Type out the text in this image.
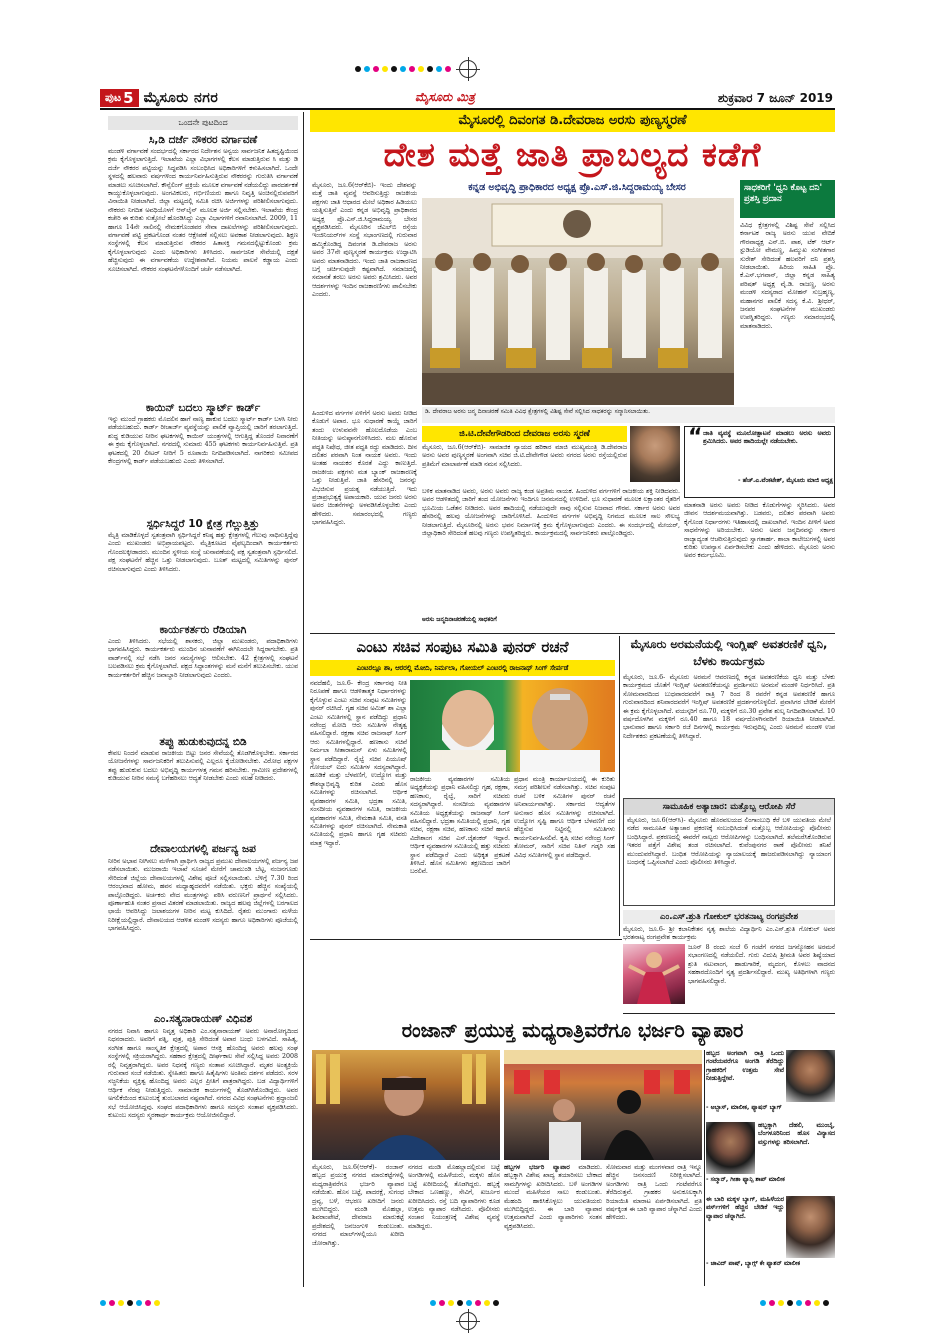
ಪುಟ 5 ಮೈಸೂರು ನಗರ	ಮೈಸೂರು ಮಿತ್ರ	ಶುಕ್ರವಾರ 7 ಜೂನ್ 2019
ಒಂದನೇ ಪುಟದಿಂದ
ಸಿ,ಡಿ ದರ್ಜೆ ನೌಕರರ ವರ್ಗಾವಣೆ
ಮಂಡಳಿ ವರ್ಗಾವಣೆ ಸಂದರ್ಭದಲ್ಲಿ ಸರ್ಕಾರದ ನಿರ್ದೇಶನ ಅನ್ವಯ ಸಾರ್ವಜನಿಕ ಹಿತದೃಷ್ಟಿಯಿಂದ ಕ್ರಮ ಕೈಗೊಳ್ಳಲಾಗುತ್ತಿದೆ. ಇಲಾಖೆಯ ಎಲ್ಲಾ ವಿಭಾಗಗಳಲ್ಲಿ ಕೆಲಸ ಮಾಡುತ್ತಿರುವ ಸಿ ಮತ್ತು ಡಿ ದರ್ಜೆ ನೌಕರರ ಪಟ್ಟಿಯನ್ನು ಸಿದ್ಧಪಡಿಸಿ ಸಂಬಂಧಿಸಿದ ಅಧಿಕಾರಿಗಳಿಗೆ ಕಳುಹಿಸಲಾಗಿದೆ. ಒಂದೇ ಸ್ಥಳದಲ್ಲಿ ಹಲವಾರು ವರ್ಷಗಳಿಂದ ಕಾರ್ಯನಿರ್ವಹಿಸುತ್ತಿರುವ ನೌಕರರನ್ನು ಗುರುತಿಸಿ ವರ್ಗಾವಣೆ ಮಾಡಲು ಸೂಚಿಸಲಾಗಿದೆ. ಕೌನ್ಸೆಲಿಂಗ್ ಪ್ರಕ್ರಿಯೆ ಮೂಲಕ ವರ್ಗಾವಣೆ ನಡೆಯಲಿದ್ದು ಪಾರದರ್ಶಕತೆ ಕಾಯ್ದುಕೊಳ್ಳಲಾಗುವುದು. ಅಂಗವಿಕಲರು, ಗರ್ಭಿಣಿಯರು ಹಾಗೂ ನಿವೃತ್ತಿ ಅಂಚಿನಲ್ಲಿರುವವರಿಗೆ ವಿನಾಯಿತಿ ನೀಡಲಾಗಿದೆ. ಜಿಲ್ಲಾ ಮಟ್ಟದಲ್ಲಿ ಸಮಿತಿ ರಚಿಸಿ ಅರ್ಜಿಗಳನ್ನು ಪರಿಶೀಲಿಸಲಾಗುವುದು. ನೌಕರರು ನಿಗದಿತ ಅವಧಿಯೊಳಗೆ ಆನ್‌ಲೈನ್ ಮೂಲಕ ಅರ್ಜಿ ಸಲ್ಲಿಸಬೇಕು. ಇಲಾಖೆಯ ಕೇಂದ್ರ ಕಚೇರಿ ಈ ಕುರಿತು ಸುತ್ತೋಲೆ ಹೊರಡಿಸಿದ್ದು ಎಲ್ಲಾ ವಿಭಾಗಗಳಿಗೆ ರವಾನಿಸಲಾಗಿದೆ. 2009, 11 ಹಾಗೂ 14ನೇ ಸಾಲಿನಲ್ಲಿ ನೇಮಕಗೊಂಡವರ ಸೇವಾ ದಾಖಲೆಗಳನ್ನು ಪರಿಶೀಲಿಸಲಾಗುವುದು. ವರ್ಗಾವಣೆ ಪಟ್ಟಿ ಪ್ರಕಟಗೊಂಡ ನಂತರ ಆಕ್ಷೇಪಣೆ ಸಲ್ಲಿಸಲು ಅವಕಾಶ ನೀಡಲಾಗುವುದು. ಶಿಕ್ಷಣ ಸಂಸ್ಥೆಗಳಲ್ಲಿ ಕೆಲಸ ಮಾಡುತ್ತಿರುವ ನೌಕರರ ಹಿತಾಸಕ್ತಿ ಗಮನದಲ್ಲಿಟ್ಟುಕೊಂಡು ಕ್ರಮ ಕೈಗೊಳ್ಳಲಾಗುವುದು ಎಂದು ಅಧಿಕಾರಿಗಳು ತಿಳಿಸಿದರು. ಸಾರ್ವಜನಿಕ ಸೇವೆಯಲ್ಲಿ ದಕ್ಷತೆ ಹೆಚ್ಚಿಸುವುದು ಈ ವರ್ಗಾವಣೆಯ ಉದ್ದೇಶವಾಗಿದೆ. ನಿಯಮ ಪಾಲನೆ ಕಡ್ಡಾಯ ಎಂದು ಸೂಚಿಸಲಾಗಿದೆ. ನೌಕರರ ಸಂಘಟನೆಗಳೊಂದಿಗೆ ಚರ್ಚೆ ನಡೆಸಲಾಗಿದೆ.
ಕಾಯಿನ್ ಬದಲು ಸ್ಮಾರ್ಟ್ ಕಾರ್ಡ್
ಇನ್ನು ಮುಂದೆ ಗ್ರಾಹಕರು ಮೊದಲಿನ ಹಾಗೆ ನಾಣ್ಯ ಹಾಕುವ ಬದಲು ಸ್ಮಾರ್ಟ್ ಕಾರ್ಡ್ ಬಳಸಿ ನೀರು ಪಡೆಯಬಹುದು. ಕಾರ್ಡ್ ರೀಚಾರ್ಜ್ ವ್ಯವಸ್ಥೆಯನ್ನು ಪಾಲಿಕೆ ವ್ಯಾಪ್ತಿಯಲ್ಲಿ ಜಾರಿಗೆ ತರಲಾಗುತ್ತಿದೆ. ಶುದ್ಧ ಕುಡಿಯುವ ನೀರಿನ ಘಟಕಗಳಲ್ಲಿ ಕಾಯಿನ್ ಯಂತ್ರಗಳಲ್ಲಿ ಆಗುತ್ತಿದ್ದ ತೊಂದರೆ ನಿವಾರಣೆಗೆ ಈ ಕ್ರಮ ಕೈಗೊಳ್ಳಲಾಗಿದೆ. ನಗರದಲ್ಲಿ ಸುಮಾರು 455 ಘಟಕಗಳು ಕಾರ್ಯನಿರ್ವಹಿಸುತ್ತಿವೆ. ಪ್ರತಿ ಘಟಕದಲ್ಲಿ 20 ಲೀಟರ್ ನೀರಿಗೆ 5 ರೂಪಾಯಿ ನಿಗದಿಪಡಿಸಲಾಗಿದೆ. ನಾಗರಿಕರು ಸಮೀಪದ ಕೇಂದ್ರಗಳಲ್ಲಿ ಕಾರ್ಡ್ ಪಡೆಯಬಹುದು ಎಂದು ತಿಳಿಸಲಾಗಿದೆ.
ಸ್ಪರ್ಧಿಸಿದ್ದರೆ 10 ಕ್ಷೇತ್ರ ಗೆಲ್ಲುತ್ತಿತ್ತು
ಮೈತ್ರಿ ಮಾಡಿಕೊಳ್ಳದೆ ಸ್ವತಂತ್ರವಾಗಿ ಸ್ಪರ್ಧಿಸಿದ್ದರೆ ಕನಿಷ್ಠ ಹತ್ತು ಕ್ಷೇತ್ರಗಳಲ್ಲಿ ಗೆಲುವು ಸಾಧಿಸುತ್ತಿದ್ದೆವು ಎಂದು ಮುಖಂಡರು ಅಭಿಪ್ರಾಯಪಟ್ಟರು. ಮೈತ್ರಿಕೂಟದ ವೈಫಲ್ಯದಿಂದಾಗಿ ಕಾರ್ಯಕರ್ತರು ಗೊಂದಲಕ್ಕೀಡಾದರು. ಮುಂದಿನ ಸ್ಥಳೀಯ ಸಂಸ್ಥೆ ಚುನಾವಣೆಯಲ್ಲಿ ಪಕ್ಷ ಸ್ವತಂತ್ರವಾಗಿ ಸ್ಪರ್ಧಿಸಲಿದೆ. ಪಕ್ಷ ಸಂಘಟನೆಗೆ ಹೆಚ್ಚಿನ ಒತ್ತು ನೀಡಲಾಗುವುದು. ಬೂತ್ ಮಟ್ಟದಲ್ಲಿ ಸಮಿತಿಗಳನ್ನು ಪುನರ್ ರಚಿಸಲಾಗುವುದು ಎಂದು ತಿಳಿಸಿದರು.
ಕಾರ್ಯಕರ್ತರು ರೆಡಿಯಾಗಿ
ಎಂದು ತಿಳಿಸಿದರು. ಸಭೆಯಲ್ಲಿ ಶಾಸಕರು, ಜಿಲ್ಲಾ ಮುಖಂಡರು, ಪದಾಧಿಕಾರಿಗಳು ಭಾಗವಹಿಸಿದ್ದರು. ಕಾರ್ಯಕರ್ತರು ಮುಂದಿನ ಚುನಾವಣೆಗೆ ಈಗಿನಿಂದಲೇ ಸಿದ್ಧರಾಗಬೇಕು. ಪ್ರತಿ ವಾರ್ಡ್‌ನಲ್ಲಿ ಸಭೆ ನಡೆಸಿ ಜನರ ಸಮಸ್ಯೆಗಳನ್ನು ಆಲಿಸಬೇಕು. 42 ಕ್ಷೇತ್ರಗಳಲ್ಲಿ ಸಂಘಟನೆ ಬಲಪಡಿಸಲು ಕ್ರಮ ಕೈಗೊಳ್ಳಲಾಗಿದೆ. ಪಕ್ಷದ ಸಿದ್ಧಾಂತಗಳನ್ನು ಮನೆ ಮನೆಗೆ ತಲುಪಿಸಬೇಕು. ಯುವ ಕಾರ್ಯಕರ್ತರಿಗೆ ಹೆಚ್ಚಿನ ಜವಾಬ್ದಾರಿ ನೀಡಲಾಗುವುದು ಎಂದರು.
ತಪ್ಪು ಹುಡುಕುವುದನ್ನ ಬಿಡಿ
ಕೇವಲ ನಿಂದನೆ ಮಾಡುವ ರಾಜಕೀಯ ಬಿಟ್ಟು ಜನರ ಸೇವೆಯಲ್ಲಿ ತೊಡಗಿಕೊಳ್ಳಬೇಕು. ಸರ್ಕಾರದ ಯೋಜನೆಗಳನ್ನು ಸಾರ್ವಜನಿಕರಿಗೆ ತಲುಪಿಸುವಲ್ಲಿ ಎಲ್ಲರೂ ಕೈಜೋಡಿಸಬೇಕು. ವಿರೋಧ ಪಕ್ಷಗಳ ತಪ್ಪು ಹುಡುಕುವ ಬದಲು ಅಭಿವೃದ್ಧಿ ಕಾರ್ಯಗಳತ್ತ ಗಮನ ಹರಿಸಬೇಕು. ಗ್ರಾಮೀಣ ಪ್ರದೇಶಗಳಲ್ಲಿ ಕುಡಿಯುವ ನೀರಿನ ಸಮಸ್ಯೆ ಬಗೆಹರಿಸಲು ಆದ್ಯತೆ ನೀಡಬೇಕು ಎಂದು ಸಲಹೆ ನೀಡಿದರು.
ದೇವಾಲಯಗಳಲ್ಲಿ ಪರ್ಜನ್ಯ ಜಪ
ನೀರಿನ ಅಭಾವ ನೀಗಿಸಲು ಮಳೆಗಾಗಿ ಪ್ರಾರ್ಥಿಸಿ ರಾಜ್ಯದ ಪ್ರಮುಖ ದೇವಾಲಯಗಳಲ್ಲಿ ಪರ್ಜನ್ಯ ಜಪ ನಡೆಸಲಾಯಿತು. ಮುಜರಾಯಿ ಇಲಾಖೆ ಸೂಚನೆ ಮೇರೆಗೆ ಚಾಮುಂಡಿ ಬೆಟ್ಟ, ನಂಜನಗೂಡು ಸೇರಿದಂತೆ ಜಿಲ್ಲೆಯ ದೇವಾಲಯಗಳಲ್ಲಿ ವಿಶೇಷ ಪೂಜೆ ಸಲ್ಲಿಸಲಾಯಿತು. ಬೆಳಿಗ್ಗೆ 7.30 ರಿಂದ ಆರಂಭವಾದ ಹೋಮ, ಹವನ ಮಧ್ಯಾಹ್ನದವರೆಗೆ ನಡೆಯಿತು. ಭಕ್ತರು ಹೆಚ್ಚಿನ ಸಂಖ್ಯೆಯಲ್ಲಿ ಪಾಲ್ಗೊಂಡಿದ್ದರು. ಅರ್ಚಕರು ವೇದ ಮಂತ್ರಗಳನ್ನು ಪಠಿಸಿ ವರುಣನಿಗೆ ಪ್ರಾರ್ಥನೆ ಸಲ್ಲಿಸಿದರು. ಪೂರ್ಣಾಹುತಿ ನಂತರ ಪ್ರಸಾದ ವಿತರಣೆ ಮಾಡಲಾಯಿತು. ರಾಜ್ಯದ ಹಲವು ಜಿಲ್ಲೆಗಳಲ್ಲಿ ಬರಗಾಲದ ಛಾಯೆ ಆವರಿಸಿದ್ದು ಜಲಾಶಯಗಳ ನೀರಿನ ಮಟ್ಟ ಕುಸಿದಿದೆ. ರೈತರು ಮುಂಗಾರು ಮಳೆಯ ನಿರೀಕ್ಷೆಯಲ್ಲಿದ್ದಾರೆ. ದೇವಾಲಯದ ಆಡಳಿತ ಮಂಡಳಿ ಸದಸ್ಯರು ಹಾಗೂ ಅಧಿಕಾರಿಗಳು ಪೂಜೆಯಲ್ಲಿ ಭಾಗವಹಿಸಿದ್ದರು.
ಎಂ.ಸತ್ಯನಾರಾಯಣ್ ವಿಧಿವಶ
ನಗರದ ನಿವಾಸಿ ಹಾಗೂ ನಿವೃತ್ತ ಅಧಿಕಾರಿ ಎಂ.ಸತ್ಯನಾರಾಯಣ್ ಅವರು ಅನಾರೋಗ್ಯದಿಂದ ನಿಧನರಾದರು. ಅವರಿಗೆ ಪತ್ನಿ, ಪುತ್ರ, ಪುತ್ರಿ ಸೇರಿದಂತೆ ಅಪಾರ ಬಂಧು ಬಳಗವಿದೆ. ಸಾಹಿತ್ಯ, ಸಂಗೀತ ಹಾಗೂ ಸಾಂಸ್ಕೃತಿಕ ಕ್ಷೇತ್ರದಲ್ಲಿ ಅಪಾರ ಆಸಕ್ತಿ ಹೊಂದಿದ್ದ ಅವರು ಹಲವು ಸಂಘ ಸಂಸ್ಥೆಗಳಲ್ಲಿ ಸಕ್ರಿಯರಾಗಿದ್ದರು. ಸಹಕಾರ ಕ್ಷೇತ್ರದಲ್ಲಿ ದೀರ್ಘಕಾಲ ಸೇವೆ ಸಲ್ಲಿಸಿದ್ದ ಅವರು 2008 ರಲ್ಲಿ ನಿವೃತ್ತರಾಗಿದ್ದರು. ಅವರ ನಿಧನಕ್ಕೆ ಗಣ್ಯರು ಸಂತಾಪ ಸೂಚಿಸಿದ್ದಾರೆ. ಮೃತರ ಅಂತ್ಯಕ್ರಿಯೆ ಗುರುವಾರ ಸಂಜೆ ನಡೆಯಿತು. ಸ್ನೇಹಿತರು ಹಾಗೂ ಹಿತೈಷಿಗಳು ಅಂತಿಮ ದರ್ಶನ ಪಡೆದರು. ಸರಳ ಸಜ್ಜನಿಕೆಯ ವ್ಯಕ್ತಿತ್ವ ಹೊಂದಿದ್ದ ಅವರು ಎಲ್ಲರ ಪ್ರೀತಿಗೆ ಪಾತ್ರರಾಗಿದ್ದರು. ಬಡ ವಿದ್ಯಾರ್ಥಿಗಳಿಗೆ ಆರ್ಥಿಕ ನೆರವು ನೀಡುತ್ತಿದ್ದರು. ಸಾಮಾಜಿಕ ಕಾರ್ಯಗಳಲ್ಲಿ ತೊಡಗಿಸಿಕೊಂಡಿದ್ದರು. ಅವರ ಅಗಲಿಕೆಯಿಂದ ಕುಟುಂಬಕ್ಕೆ ತುಂಬಲಾರದ ನಷ್ಟವಾಗಿದೆ. ನಗರದ ವಿವಿಧ ಸಂಘಟನೆಗಳು ಶ್ರದ್ಧಾಂಜಲಿ ಸಭೆ ಆಯೋಜಿಸಿದ್ದವು. ಸಂಘದ ಪದಾಧಿಕಾರಿಗಳು ಹಾಗೂ ಸದಸ್ಯರು ಸಂತಾಪ ವ್ಯಕ್ತಪಡಿಸಿದರು. ಕುಟುಂಬ ಸದಸ್ಯರು ಸ್ಮರಣಾರ್ಥ ಕಾರ್ಯಕ್ರಮ ಆಯೋಜಿಸಲಿದ್ದಾರೆ.
ಮೈಸೂರಲ್ಲಿ ದಿವಂಗತ ಡಿ.ದೇವರಾಜ ಅರಸು ಪುಣ್ಯಸ್ಮರಣೆ
ದೇಶ ಮತ್ತೆ ಜಾತಿ ಪ್ರಾಬಲ್ಯದ ಕಡೆಗೆ
ಮೈಸೂರು, ಜೂ.6(ಆರ್‌ಕೆಬಿ)- ಇಂದು ದೇಶವನ್ನು ಮತ್ತೆ ಜಾತಿ ವ್ಯವಸ್ಥೆ ಆವರಿಸುತ್ತಿದ್ದು ರಾಜಕೀಯ ಪಕ್ಷಗಳು ಜಾತಿ ಆಧಾರದ ಮೇಲೆ ಅಧಿಕಾರ ಹಿಡಿಯಲು ಯತ್ನಿಸುತ್ತಿವೆ ಎಂದು ಕನ್ನಡ ಅಭಿವೃದ್ಧಿ ಪ್ರಾಧಿಕಾರದ ಅಧ್ಯಕ್ಷ ಪ್ರೊ.ಎಸ್.ಜಿ.ಸಿದ್ದರಾಮಯ್ಯ ಬೇಸರ ವ್ಯಕ್ತಪಡಿಸಿದರು. ಮೈಸೂರಿನ ಜೆಎಲ್‌ಬಿ ರಸ್ತೆಯ ಇಂಜಿನಿಯರ್‌ಗಳ ಸಂಸ್ಥೆ ಸಭಾಂಗಣದಲ್ಲಿ ಗುರುವಾರ ಹಮ್ಮಿಕೊಂಡಿದ್ದ ದಿವಂಗತ ಡಿ.ದೇವರಾಜ ಅರಸು ಅವರ 37ನೇ ಪುಣ್ಯಸ್ಮರಣೆ ಕಾರ್ಯಕ್ರಮ ಉದ್ಘಾಟಿಸಿ ಅವರು ಮಾತನಾಡಿದರು. ಇಂದು ಜಾತಿ ರಾಜಕಾರಣದ ಬಗ್ಗೆ ಚರ್ಚಿಸುವುದೇ ಕಷ್ಟವಾಗಿದೆ. ಸಮಾಜದಲ್ಲಿ ಸಮಾನತೆ ತರಲು ಅರಸು ಅವರು ಶ್ರಮಿಸಿದರು. ಅವರ ಆದರ್ಶಗಳನ್ನು ಇಂದಿನ ರಾಜಕಾರಣಿಗಳು ಪಾಲಿಸಬೇಕು ಎಂದರು.
ಕನ್ನಡ ಅಭಿವೃದ್ಧಿ ಪ್ರಾಧಿಕಾರದ ಅಧ್ಯಕ್ಷ ಪ್ರೊ.ಎಸ್.ಜಿ.ಸಿದ್ದರಾಮಯ್ಯ ಬೇಸರ	ಸಾಧಕರಿಗೆ 'ಧ್ವನಿ ಕೊಟ್ಟ ದನಿ' ಪ್ರಶಸ್ತಿ ಪ್ರದಾನ
ಡಿ. ದೇವರಾಜ ಅರಸು ಜನ್ಮ ದಿನಾಚರಣೆ ಸಮಿತಿ ವಿವಿಧ ಕ್ಷೇತ್ರಗಳಲ್ಲಿ ವಿಶಿಷ್ಟ ಸೇವೆ ಸಲ್ಲಿಸಿದ ಸಾಧಕರನ್ನು ಸನ್ಮಾನಿಸಲಾಯಿತು.
ವಿವಿಧ ಕ್ಷೇತ್ರಗಳಲ್ಲಿ ವಿಶಿಷ್ಟ ಸೇವೆ ಸಲ್ಲಿಸಿದ ಕರ್ನಾಟಕ ರಾಜ್ಯ ಅರಸು ಯುವ ವೇದಿಕೆ ಗೌರವಾಧ್ಯಕ್ಷ ಎನ್.ಬಿ. ಪಾಶ, ಟೆಕ್ ಆರ್ಟ್ ಸ್ಟುಡಿಯೋ ವೇಮಣ್ಣ, ಹಿಮ್ಮುಖ ಸಂಗೀತಗಾರ ಸುರೇಶ್ ಸೇರಿದಂತೆ ಹಲವರಿಗೆ ದನಿ ಪ್ರಶಸ್ತಿ ನೀಡಲಾಯಿತು. ಹಿರಿಯ ಸಾಹಿತಿ ಪ್ರೊ. ಕೆ.ಎಸ್.ಭಗವಾನ್, ಜಿಲ್ಲಾ ಕನ್ನಡ ಸಾಹಿತ್ಯ ಪರಿಷತ್ ಅಧ್ಯಕ್ಷ ವೈ.ಡಿ. ರಾಜಣ್ಣ, ಅರಸು ಮಂಡಳಿ ಸದಸ್ಯರಾದ ಮೋಹನ್ ಸುಬ್ರಹ್ಮಣ್ಯ, ಮಹಾನಗರ ಪಾಲಿಕೆ ಸದಸ್ಯ ಕೆ.ವಿ. ಶ್ರೀಧರ್, ಜನಪರ ಸಂಘಟನೆಗಳ ಮುಖಂಡರು ಉಪಸ್ಥಿತರಿದ್ದರು. ಗಣ್ಯರು ಸಮಾರಂಭದಲ್ಲಿ ಮಾತನಾಡಿದರು.
ಹಿಂದುಳಿದ ವರ್ಗಗಳ ಏಳಿಗೆಗೆ ಅರಸು ಅವರು ನೀಡಿದ ಕೊಡುಗೆ ಅಪಾರ. ಭೂ ಸುಧಾರಣೆ ಕಾಯ್ದೆ ಜಾರಿಗೆ ತಂದು ಉಳುವವನೇ ಹೊಲದೊಡೆಯ ಎಂಬ ನೀತಿಯನ್ನು ಅನುಷ್ಠಾನಗೊಳಿಸಿದರು. ಮಲ ಹೊರುವ ಪದ್ಧತಿ ನಿಷೇಧ, ಜೀತ ಪದ್ಧತಿ ರದ್ದು ಮಾಡಿದರು. ದೀನ ದಲಿತರ ಪರವಾಗಿ ನಿಂತ ನಾಯಕ ಅವರು. ಇಂದು ಅಂತಹ ನಾಯಕರ ಕೊರತೆ ಎದ್ದು ಕಾಣುತ್ತಿದೆ. ರಾಜಕೀಯ ಪಕ್ಷಗಳು ಮತ ಬ್ಯಾಂಕ್ ರಾಜಕಾರಣಕ್ಕೆ ಒತ್ತು ನೀಡುತ್ತಿವೆ. ಜಾತಿ ಹೆಸರಿನಲ್ಲಿ ಜನರನ್ನು ವಿಭಜಿಸುವ ಪ್ರಯತ್ನ ನಡೆಯುತ್ತಿದೆ. ಇದು ಪ್ರಜಾಪ್ರಭುತ್ವಕ್ಕೆ ಅಪಾಯಕಾರಿ. ಯುವ ಜನರು ಅರಸು ಅವರ ಚಿಂತನೆಗಳನ್ನು ಅಳವಡಿಸಿಕೊಳ್ಳಬೇಕು ಎಂದು ಹೇಳಿದರು. ಸಮಾರಂಭದಲ್ಲಿ ಗಣ್ಯರು ಭಾಗವಹಿಸಿದ್ದರು.
ಜಿ.ಟಿ.ದೇವೇಗೌಡರಿಂದ ದೇವರಾಜ ಅರಸು ಸ್ಮರಣೆ
ಮೈಸೂರು, ಜೂ.6(ಆರ್‌ಕೆಬಿ)- ಸಾಮಾಜಿಕ ನ್ಯಾಯದ ಹರಿಕಾರ ಮಾಜಿ ಮುಖ್ಯಮಂತ್ರಿ ಡಿ.ದೇವರಾಜ ಅರಸು ಅವರ ಪುಣ್ಯಸ್ಮರಣೆ ಅಂಗವಾಗಿ ಸಚಿವ ಜಿ.ಟಿ.ದೇವೇಗೌಡ ಅವರು ನಗರದ ಅರಸು ರಸ್ತೆಯಲ್ಲಿರುವ ಪ್ರತಿಮೆಗೆ ಮಾಲಾರ್ಪಣೆ ಮಾಡಿ ನಮನ ಸಲ್ಲಿಸಿದರು.
ಬಳಿಕ ಮಾತನಾಡಿದ ಅವರು, ಅರಸು ಅವರು ರಾಜ್ಯ ಕಂಡ ಅಪ್ರತಿಮ ನಾಯಕ. ಹಿಂದುಳಿದ ವರ್ಗಗಳಿಗೆ ರಾಜಕೀಯ ಶಕ್ತಿ ನೀಡಿದವರು. ಅವರ ಆಡಳಿತದಲ್ಲಿ ಜಾರಿಗೆ ತಂದ ಯೋಜನೆಗಳು ಇಂದಿಗೂ ಜನಮನದಲ್ಲಿ ಉಳಿದಿವೆ. ಭೂ ಸುಧಾರಣೆ ಮೂಲಕ ಲಕ್ಷಾಂತರ ರೈತರಿಗೆ ಭೂಮಿಯ ಒಡೆತನ ನೀಡಿದರು. ಅವರ ಹಾದಿಯಲ್ಲಿ ನಡೆಯುವುದೇ ನಾವು ಸಲ್ಲಿಸುವ ನಿಜವಾದ ಗೌರವ. ಸರ್ಕಾರ ಅರಸು ಅವರ ಹೆಸರಿನಲ್ಲಿ ಹಲವು ಯೋಜನೆಗಳನ್ನು ಜಾರಿಗೊಳಿಸಿದೆ. ಹಿಂದುಳಿದ ವರ್ಗಗಳ ಅಭಿವೃದ್ಧಿ ನಿಗಮದ ಮೂಲಕ ಸಾಲ ಸೌಲಭ್ಯ ನೀಡಲಾಗುತ್ತಿದೆ. ಮೈಸೂರಿನಲ್ಲಿ ಅರಸು ಭವನ ನಿರ್ಮಾಣಕ್ಕೆ ಕ್ರಮ ಕೈಗೊಳ್ಳಲಾಗುವುದು ಎಂದರು. ಈ ಸಂದರ್ಭದಲ್ಲಿ ಮೇಯರ್, ಜಿಲ್ಲಾಧಿಕಾರಿ ಸೇರಿದಂತೆ ಹಲವು ಗಣ್ಯರು ಉಪಸ್ಥಿತರಿದ್ದರು. ಕಾರ್ಯಕ್ರಮದಲ್ಲಿ ಸಾರ್ವಜನಿಕರು ಪಾಲ್ಗೊಂಡಿದ್ದರು.
ಅರಸು ಜನ್ಮದಿನಾಚರಣೆಯಲ್ಲಿ ಸಾಧಕರಿಗೆ
“ ಜಾತಿ ವ್ಯವಸ್ಥೆ ಮೂಲೋತ್ಪಾಟನೆ ಮಾಡಲು ಅರಸು ಅವರು ಶ್ರಮಿಸಿದರು. ಅವರ ಹಾದಿಯಲ್ಲೇ ನಡೆಯಬೇಕು.
- ಹೆಚ್.ಎ.ವೆಂಕಟೇಶ್, ಮೈಸೂರು ಮಾಜಿ ಅಧ್ಯಕ್ಷ
ಮಾತನಾಡಿ ಅರಸು ಅವರು ನೀಡಿದ ಕೊಡುಗೆಗಳನ್ನು ಸ್ಮರಿಸಿದರು. ಅವರ ಜೀವನ ಆದರ್ಶಮಯವಾಗಿತ್ತು. ಬಡವರು, ದಲಿತರ ಪರವಾಗಿ ಅವರು ಕೈಗೊಂಡ ನಿರ್ಧಾರಗಳು ಇತಿಹಾಸದಲ್ಲಿ ದಾಖಲಾಗಿವೆ. ಇಂದಿನ ಪೀಳಿಗೆ ಅವರ ಸಾಧನೆಗಳನ್ನು ಅರಿಯಬೇಕು. ಅರಸು ಅವರ ಜನ್ಮದಿನವನ್ನು ಸರ್ಕಾರ ರಾಜ್ಯಾದ್ಯಂತ ಆಚರಿಸುತ್ತಿರುವುದು ಸ್ವಾಗತಾರ್ಹ. ಶಾಲಾ ಕಾಲೇಜುಗಳಲ್ಲಿ ಅವರ ಕುರಿತು ಉಪನ್ಯಾಸ ಏರ್ಪಡಿಸಬೇಕು ಎಂದು ಹೇಳಿದರು. ಮೈಸೂರು ಅರಸು ಅವರ ಕರ್ಮಭೂಮಿ.
ಎಂಟು ಸಚಿವ ಸಂಪುಟ ಸಮಿತಿ ಪುನರ್ ರಚನೆ
ಎಂಟರಲ್ಲೂ ಶಾ, ಆರರಲ್ಲಿ ಮೋದಿ, ನಿರ್ಮಲಾ, ಗೋಯಲ್ ಎಂಟರಲ್ಲಿ ರಾಜನಾಥ್ ಸಿಂಗ್ ಸೇರ್ಪಡೆ
ನವದೆಹಲಿ, ಜೂ.6- ಕೇಂದ್ರ ಸರ್ಕಾರವು ನೀತಿ ನಿರೂಪಣೆ ಹಾಗೂ ಆಡಳಿತಾತ್ಮಕ ನಿರ್ಧಾರಗಳನ್ನು ಕೈಗೊಳ್ಳುವ ಎಂಟು ಸಚಿವ ಸಂಪುಟ ಸಮಿತಿಗಳನ್ನು ಪುನರ್ ರಚಿಸಿದೆ. ಗೃಹ ಸಚಿವ ಅಮಿತ್ ಶಾ ಎಲ್ಲಾ ಎಂಟು ಸಮಿತಿಗಳಲ್ಲಿ ಸ್ಥಾನ ಪಡೆದಿದ್ದು ಪ್ರಧಾನಿ ನರೇಂದ್ರ ಮೋದಿ ಆರು ಸಮಿತಿಗಳ ನೇತೃತ್ವ ವಹಿಸಲಿದ್ದಾರೆ. ರಕ್ಷಣಾ ಸಚಿವ ರಾಜನಾಥ್ ಸಿಂಗ್ ಆರು ಸಮಿತಿಗಳಲ್ಲಿದ್ದಾರೆ. ಹಣಕಾಸು ಸಚಿವೆ ನಿರ್ಮಲಾ ಸೀತಾರಾಮನ್ ಏಳು ಸಮಿತಿಗಳಲ್ಲಿ ಸ್ಥಾನ ಪಡೆದಿದ್ದಾರೆ. ರೈಲ್ವೆ ಸಚಿವ ಪಿಯೂಷ್ ಗೋಯಲ್ ಐದು ಸಮಿತಿಗಳ ಸದಸ್ಯರಾಗಿದ್ದಾರೆ. ಹೂಡಿಕೆ ಮತ್ತು ಬೆಳವಣಿಗೆ, ಉದ್ಯೋಗ ಮತ್ತು ಕೌಶಲ್ಯಾಭಿವೃದ್ಧಿ ಕುರಿತ ಎರಡು ಹೊಸ ಸಮಿತಿಗಳನ್ನು ರಚಿಸಲಾಗಿದೆ. ಆರ್ಥಿಕ ವ್ಯವಹಾರಗಳ ಸಮಿತಿ, ಭದ್ರತಾ ಸಮಿತಿ, ಸಂಸದೀಯ ವ್ಯವಹಾರಗಳ ಸಮಿತಿ, ರಾಜಕೀಯ ವ್ಯವಹಾರಗಳ ಸಮಿತಿ, ನೇಮಕಾತಿ ಸಮಿತಿ, ವಸತಿ ಸಮಿತಿಗಳನ್ನು ಪುನರ್ ರಚಿಸಲಾಗಿದೆ. ನೇಮಕಾತಿ ಸಮಿತಿಯಲ್ಲಿ ಪ್ರಧಾನಿ ಹಾಗೂ ಗೃಹ ಸಚಿವರು ಮಾತ್ರ ಇದ್ದಾರೆ.
ರಾಜಕೀಯ ವ್ಯವಹಾರಗಳ ಸಮಿತಿಯ ಅಧ್ಯಕ್ಷತೆಯನ್ನು ಪ್ರಧಾನಿ ವಹಿಸಲಿದ್ದು ಗೃಹ, ರಕ್ಷಣಾ, ಹಣಕಾಸು, ರೈಲ್ವೆ, ಸಾರಿಗೆ ಸಚಿವರು ಸದಸ್ಯರಾಗಿದ್ದಾರೆ. ಸಂಸದೀಯ ವ್ಯವಹಾರಗಳ ಸಮಿತಿಯ ಅಧ್ಯಕ್ಷತೆಯನ್ನು ರಾಜನಾಥ್ ಸಿಂಗ್ ವಹಿಸಲಿದ್ದಾರೆ. ಭದ್ರತಾ ಸಮಿತಿಯಲ್ಲಿ ಪ್ರಧಾನಿ, ಗೃಹ ಸಚಿವ, ರಕ್ಷಣಾ ಸಚಿವ, ಹಣಕಾಸು ಸಚಿವೆ ಹಾಗೂ ವಿದೇಶಾಂಗ ಸಚಿವ ಎಸ್.ಜೈಶಂಕರ್ ಇದ್ದಾರೆ. ಆರ್ಥಿಕ ವ್ಯವಹಾರಗಳ ಸಮಿತಿಯಲ್ಲಿ ಹತ್ತು ಸಚಿವರು ಸ್ಥಾನ ಪಡೆದಿದ್ದಾರೆ ಎಂದು ಅಧಿಕೃತ ಪ್ರಕಟಣೆ ತಿಳಿಸಿದೆ. ಹೊಸ ಸಮಿತಿಗಳು ತಕ್ಷಣದಿಂದ ಜಾರಿಗೆ ಬರಲಿವೆ.
ಪ್ರಧಾನ ಮಂತ್ರಿ ಕಾರ್ಯಾಲಯದಲ್ಲಿ ಈ ಕುರಿತು ಸಮಗ್ರ ಪರಿಶೀಲನೆ ನಡೆಸಲಾಗಿತ್ತು. ಸಚಿವ ಸಂಪುಟ ರಚನೆ ಬಳಿಕ ಸಮಿತಿಗಳ ಪುನರ್ ರಚನೆ ಅನಿವಾರ್ಯವಾಗಿತ್ತು. ಸರ್ಕಾರದ ಆದ್ಯತೆಗಳ ಅನುಸಾರ ಹೊಸ ಸಮಿತಿಗಳನ್ನು ರಚಿಸಲಾಗಿದೆ. ಉದ್ಯೋಗ ಸೃಷ್ಟಿ ಹಾಗೂ ಆರ್ಥಿಕ ಬೆಳವಣಿಗೆ ದರ ಹೆಚ್ಚಿಸುವ ನಿಟ್ಟಿನಲ್ಲಿ ಸಮಿತಿಗಳು ಕಾರ್ಯನಿರ್ವಹಿಸಲಿವೆ. ಕೃಷಿ ಸಚಿವ ನರೇಂದ್ರ ಸಿಂಗ್ ತೋಮರ್, ಸಾರಿಗೆ ಸಚಿವ ನಿತಿನ್ ಗಡ್ಕರಿ ಸಹ ವಿವಿಧ ಸಮಿತಿಗಳಲ್ಲಿ ಸ್ಥಾನ ಪಡೆದಿದ್ದಾರೆ.
ಮೈಸೂರು ಅರಮನೆಯಲ್ಲಿ ಇಂಗ್ಲಿಷ್ ಅವತರಣಿಕೆ ಧ್ವನಿ, ಬೆಳಕು ಕಾರ್ಯಕ್ರಮ
ಮೈಸೂರು, ಜೂ.6- ಮೈಸೂರು ಅರಮನೆ ಆವರಣದಲ್ಲಿ ಕನ್ನಡ ಅವತರಣಿಕೆಯ ಧ್ವನಿ ಮತ್ತು ಬೆಳಕು ಕಾರ್ಯಕ್ರಮದ ಜೊತೆಗೆ ಇಂಗ್ಲಿಷ್ ಅವತರಣಿಕೆಯನ್ನೂ ಪ್ರದರ್ಶಿಸಲು ಅರಮನೆ ಮಂಡಳಿ ನಿರ್ಧರಿಸಿದೆ. ಪ್ರತಿ ಸೋಮವಾರದಿಂದ ಬುಧವಾರದವರೆಗೆ ರಾತ್ರಿ 7 ರಿಂದ 8 ರವರೆಗೆ ಕನ್ನಡ ಅವತರಣಿಕೆ ಹಾಗೂ ಗುರುವಾರದಿಂದ ಶನಿವಾರದವರೆಗೆ ಇಂಗ್ಲಿಷ್ ಅವತರಣಿಕೆ ಪ್ರದರ್ಶನಗೊಳ್ಳಲಿದೆ. ಪ್ರವಾಸಿಗರ ಬೇಡಿಕೆ ಮೇರೆಗೆ ಈ ಕ್ರಮ ಕೈಗೊಳ್ಳಲಾಗಿದೆ. ವಯಸ್ಕರಿಗೆ ರೂ.70, ಮಕ್ಕಳಿಗೆ ರೂ.30 ಪ್ರವೇಶ ಶುಲ್ಕ ನಿಗದಿಪಡಿಸಲಾಗಿದೆ. 10 ವರ್ಷದೊಳಗಿನ ಮಕ್ಕಳಿಗೆ ರೂ.40 ಹಾಗೂ 18 ವರ್ಷದೊಳಗಿನವರಿಗೆ ರಿಯಾಯಿತಿ ನೀಡಲಾಗಿದೆ. ಭಾನುವಾರ ಹಾಗೂ ಸರ್ಕಾರಿ ರಜೆ ದಿನಗಳಲ್ಲಿ ಕಾರ್ಯಕ್ರಮ ಇರುವುದಿಲ್ಲ ಎಂದು ಅರಮನೆ ಮಂಡಳಿ ಉಪ ನಿರ್ದೇಶಕರು ಪ್ರಕಟಣೆಯಲ್ಲಿ ತಿಳಿಸಿದ್ದಾರೆ.
ಸಾಮೂಹಿಕ ಅತ್ಯಾಚಾರ: ಮತ್ತೊಬ್ಬ ಆರೋಪಿ ಸೆರೆ
ಮೈಸೂರು, ಜೂ.6(ಆರ್‌ಸಿ)- ಮೈಸೂರು ಹೊರವಲಯದ ಲಿಂಗಾಂಬುಧಿ ಕೆರೆ ಬಳಿ ಯುವತಿಯ ಮೇಲೆ ನಡೆದ ಸಾಮೂಹಿಕ ಅತ್ಯಾಚಾರ ಪ್ರಕರಣಕ್ಕೆ ಸಂಬಂಧಿಸಿದಂತೆ ಮತ್ತೊಬ್ಬ ಆರೋಪಿಯನ್ನು ಪೊಲೀಸರು ಬಂಧಿಸಿದ್ದಾರೆ. ಪ್ರಕರಣದಲ್ಲಿ ಈವರೆಗೆ ನಾಲ್ವರು ಆರೋಪಿಗಳನ್ನು ಬಂಧಿಸಲಾಗಿದೆ. ತಲೆಮರೆಸಿಕೊಂಡಿರುವ ಇತರರ ಪತ್ತೆಗೆ ವಿಶೇಷ ತಂಡ ರಚಿಸಲಾಗಿದೆ. ಕುವೆಂಪುನಗರ ಠಾಣೆ ಪೊಲೀಸರು ತನಿಖೆ ಮುಂದುವರೆಸಿದ್ದಾರೆ. ಬಂಧಿತ ಆರೋಪಿಯನ್ನು ನ್ಯಾಯಾಲಯಕ್ಕೆ ಹಾಜರುಪಡಿಸಲಾಗಿದ್ದು ನ್ಯಾಯಾಂಗ ಬಂಧನಕ್ಕೆ ಒಪ್ಪಿಸಲಾಗಿದೆ ಎಂದು ಪೊಲೀಸರು ತಿಳಿಸಿದ್ದಾರೆ.
ಎಂ.ಎಸ್.ಶ್ರುತಿ ಗೋಕುಲ್ ಭರತನಾಟ್ಯ ರಂಗಪ್ರವೇಶ
ಮೈಸೂರು, ಜೂ.6- ಶ್ರೀ ಕಲಾನಿಕೇತನ ನೃತ್ಯ ಶಾಲೆಯ ವಿದ್ಯಾರ್ಥಿನಿ ಎಂ.ಎಸ್.ಶ್ರುತಿ ಗೋಕುಲ್ ಅವರ ಭರತನಾಟ್ಯ ರಂಗಪ್ರವೇಶ ಕಾರ್ಯಕ್ರಮ
ಜೂನ್ 8 ರಂದು ಸಂಜೆ 6 ಗಂಟೆಗೆ ನಗರದ ಜಗನ್ಮೋಹನ ಅರಮನೆ ಸಭಾಂಗಣದಲ್ಲಿ ನಡೆಯಲಿದೆ. ಗುರು ವಿದುಷಿ ಶ್ರೀಮತಿ ಅವರ ಶಿಷ್ಯೆಯಾದ ಶ್ರುತಿ ನಟುವಾಂಗ, ಹಾಡುಗಾರಿಕೆ, ಮೃದಂಗ, ಕೊಳಲು ವಾದನದ ಸಹಕಾರದೊಂದಿಗೆ ನೃತ್ಯ ಪ್ರದರ್ಶಿಸಲಿದ್ದಾರೆ. ಮುಖ್ಯ ಅತಿಥಿಗಳಾಗಿ ಗಣ್ಯರು ಭಾಗವಹಿಸಲಿದ್ದಾರೆ.
ರಂಜಾನ್ ಪ್ರಯುಕ್ತ ಮಧ್ಯರಾತ್ರಿವರೆಗೂ ಭರ್ಜರಿ ವ್ಯಾಪಾರ
ಮೈಸೂರು, ಜೂ.6(ಆರ್‌ಕೆ)- ರಂಜಾನ್ ಹಬ್ಬದ ಪ್ರಯುಕ್ತ ನಗರದ ಮಾರುಕಟ್ಟೆಗಳಲ್ಲಿ ಮಧ್ಯರಾತ್ರಿವರೆಗೂ ಭರ್ಜರಿ ವ್ಯಾಪಾರ ನಡೆಯಿತು. ಹೊಸ ಬಟ್ಟೆ, ಪಾದರಕ್ಷೆ, ಸುಗಂಧ ದ್ರವ್ಯ, ಬಳೆ, ಆಭರಣ ಖರೀದಿಗೆ ಜನರು ಮುಗಿಬಿದ್ದರು. ಮಂಡಿ ಮೊಹಲ್ಲಾ, ಶಿವರಾಂಪೇಟೆ, ದೇವರಾಜ ಮಾರುಕಟ್ಟೆ ಪ್ರದೇಶದಲ್ಲಿ ಜನಜಂಗುಳಿ ಕಂಡುಬಂತು. ನಗರದ ಮಾಲ್‌ಗಳಲ್ಲಿಯೂ ಖರೀದಿ ಜೋರಾಗಿತ್ತು.
ನಗರದ ಮಂಡಿ ಮೊಹಲ್ಲಾದಲ್ಲಿರುವ ಬಟ್ಟೆ ಅಂಗಡಿಗಳಲ್ಲಿ ಮಹಿಳೆಯರು, ಮಕ್ಕಳು ಹೊಸ ಬಟ್ಟೆ ಖರೀದಿಯಲ್ಲಿ ತೊಡಗಿದ್ದರು. ಹಬ್ಬಕ್ಕೆ ಬೇಕಾದ ಒಣಹಣ್ಣು, ಸೇವಿಗೆ, ಖರ್ಜೂರ ಖರೀದಿಸಿದರು. ರಸ್ತೆ ಬದಿ ವ್ಯಾಪಾರಿಗಳು ಕೂಡ ಉತ್ತಮ ವ್ಯಾಪಾರ ನಡೆಸಿದರು. ಪೊಲೀಸರು ಸಂಚಾರ ನಿಯಂತ್ರಣಕ್ಕೆ ವಿಶೇಷ ವ್ಯವಸ್ಥೆ ಮಾಡಿದ್ದರು.
ಹಬ್ಬಗಳ ಭರ್ಜರಿ ವ್ಯಾಪಾರ ಮಾಡಿದರು. ಹಬ್ಬಕ್ಕಾಗಿ ವಿಶೇಷ ಖಾದ್ಯ ತಯಾರಿಸಲು ಬೇಕಾದ ಸಾಮಗ್ರಿಗಳನ್ನು ಖರೀದಿಸಿದರು. ಬಳೆ ಅಂಗಡಿಗಳ ಮುಂದೆ ಮಹಿಳೆಯರ ಸಾಲು ಕಂಡುಬಂತು. ಮೆಹಂದಿ ಹಾಕಿಸಿಕೊಳ್ಳಲು ಯುವತಿಯರು ಮುಗಿಬಿದ್ದಿದ್ದರು. ಈ ಬಾರಿ ವ್ಯಾಪಾರ ಉತ್ತಮವಾಗಿದೆ ಎಂದು ವ್ಯಾಪಾರಿಗಳು ಸಂತಸ ವ್ಯಕ್ತಪಡಿಸಿದರು.
ಸೋಮವಾರ ಮತ್ತು ಮಂಗಳವಾರ ರಾತ್ರಿ ಇನ್ನೂ ಹೆಚ್ಚಿನ ಜನಸಂದಣಿ ನಿರೀಕ್ಷಿಸಲಾಗಿದೆ. ಅಂಗಡಿಗಳು ರಾತ್ರಿ ಒಂದು ಗಂಟೆವರೆಗೂ ತೆರೆದಿರುತ್ತವೆ. ಗ್ರಾಹಕರ ಅನುಕೂಲಕ್ಕಾಗಿ ರಿಯಾಯಿತಿ ಮಾರಾಟ ಏರ್ಪಡಿಸಲಾಗಿದೆ. ಪ್ರತಿ ವರ್ಷಕ್ಕಿಂತ ಈ ಬಾರಿ ವ್ಯಾಪಾರ ಚೆನ್ನಾಗಿದೆ ಎಂದು ಹೇಳಿದರು.
ಹಬ್ಬದ ಅಂಗವಾಗಿ ರಾತ್ರಿ ಒಂದು ಗಂಟೆಯವರೆಗೂ ಅಂಗಡಿ ತೆರೆದಿದ್ದು ಗ್ರಾಹಕರಿಗೆ ಉತ್ತಮ ಸೇವೆ ನೀಡುತ್ತಿದ್ದೇವೆ.
- ಅಬ್ಬಾಸ್, ಮಾಲೀಕ, ಫ್ಯಾಷನ್ ಬ್ಯಾಗ್
ಹಬ್ಬಕ್ಕಾಗಿ ದೆಹಲಿ, ಮುಂಬೈ, ಬೆಂಗಳೂರಿನಿಂದ ಹೊಸ ವಿನ್ಯಾಸದ ವಸ್ತುಗಳನ್ನು ತರಿಸಲಾಗಿದೆ.
- ಸಲ್ಮಾನ್, ಗೀತಾ ಫ್ಯಾನ್ಸಿ ಶಾಪ್ ಮಾಲೀಕ
ಈ ಬಾರಿ ಮಕ್ಕಳ ಬ್ಯಾಗ್, ಮಹಿಳೆಯರ ಪರ್ಸ್‌ಗಳಿಗೆ ಹೆಚ್ಚಿನ ಬೇಡಿಕೆ ಇದ್ದು ವ್ಯಾಪಾರ ಚೆನ್ನಾಗಿದೆ.
- ಜಾವಿದ್ ಪಾಷ್, ಬ್ಯಾಗ್ಸ್ ಕೇ ಫ್ಯಾಶನ್ ಮಾಲೀಕ
